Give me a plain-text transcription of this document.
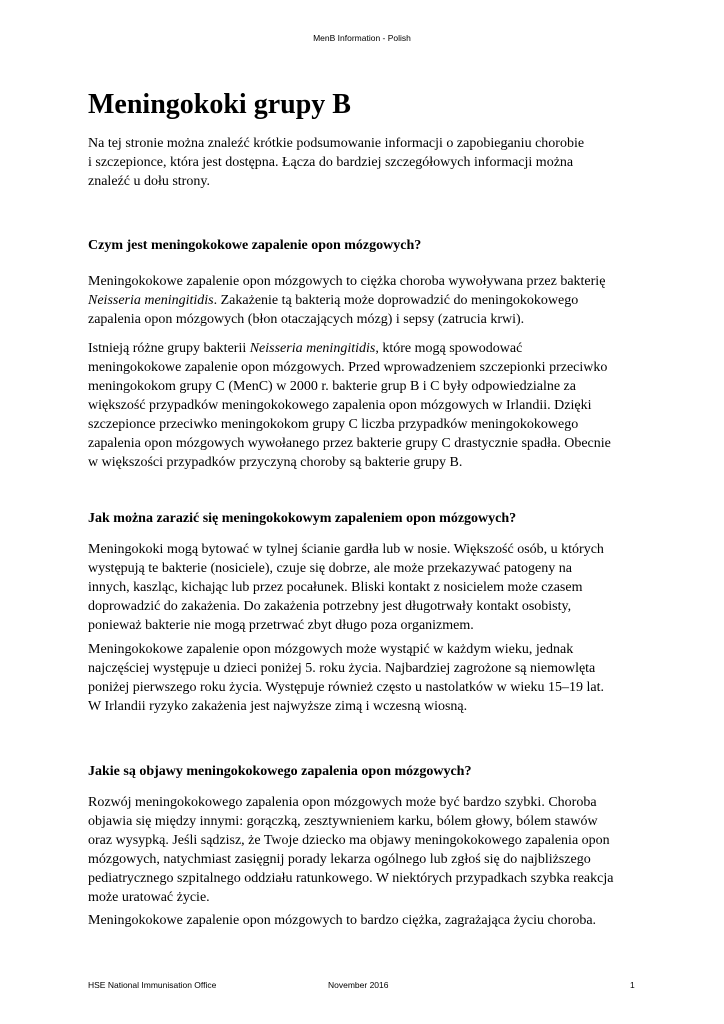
MenB Information - Polish
Meningokoki grupy B
Na tej stronie można znaleźć krótkie podsumowanie informacji o zapobieganiu chorobie
i szczepionce, która jest dostępna. Łącza do bardziej szczegółowych informacji można
znaleźć u dołu strony.
Czym jest meningokokowe zapalenie opon mózgowych?
Meningokokowe zapalenie opon mózgowych to ciężka choroba wywoływana przez bakterię
Neisseria meningitidis. Zakażenie tą bakterią może doprowadzić do meningokokowego
zapalenia opon mózgowych (błon otaczających mózg) i sepsy (zatrucia krwi).
Istnieją różne grupy bakterii Neisseria meningitidis, które mogą spowodować
meningokokowe zapalenie opon mózgowych. Przed wprowadzeniem szczepionki przeciwko
meningokokom grupy C (MenC) w 2000 r. bakterie grup B i C były odpowiedzialne za
większość przypadków meningokokowego zapalenia opon mózgowych w Irlandii. Dzięki
szczepionce przeciwko meningokokom grupy C liczba przypadków meningokokowego
zapalenia opon mózgowych wywołanego przez bakterie grupy C drastycznie spadła. Obecnie
w większości przypadków przyczyną choroby są bakterie grupy B.
Jak można zarazić się meningokokowym zapaleniem opon mózgowych?
Meningokoki mogą bytować w tylnej ścianie gardła lub w nosie. Większość osób, u których
występują te bakterie (nosiciele), czuje się dobrze, ale może przekazywać patogeny na
innych, kaszląc, kichając lub przez pocałunek. Bliski kontakt z nosicielem może czasem
doprowadzić do zakażenia. Do zakażenia potrzebny jest długotrwały kontakt osobisty,
ponieważ bakterie nie mogą przetrwać zbyt długo poza organizmem.
Meningokokowe zapalenie opon mózgowych może wystąpić w każdym wieku, jednak
najczęściej występuje u dzieci poniżej 5. roku życia. Najbardziej zagrożone są niemowlęta
poniżej pierwszego roku życia. Występuje również często u nastolatków w wieku 15–19 lat.
W Irlandii ryzyko zakażenia jest najwyższe zimą i wczesną wiosną.
Jakie są objawy meningokokowego zapalenia opon mózgowych?
Rozwój meningokokowego zapalenia opon mózgowych może być bardzo szybki. Choroba
objawia się między innymi: gorączką, zesztywnieniem karku, bólem głowy, bólem stawów
oraz wysypką. Jeśli sądzisz, że Twoje dziecko ma objawy meningokokowego zapalenia opon
mózgowych, natychmiast zasięgnij porady lekarza ogólnego lub zgłoś się do najbliższego
pediatrycznego szpitalnego oddziału ratunkowego. W niektórych przypadkach szybka reakcja
może uratować życie.
Meningokokowe zapalenie opon mózgowych to bardzo ciężka, zagrażająca życiu choroba.
HSE National Immunisation Office	November 2016	1
